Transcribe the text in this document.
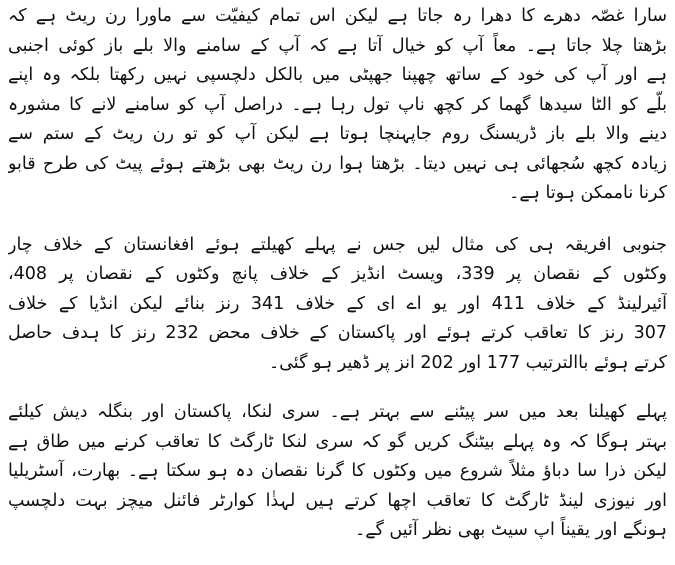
سارا غصّہ دھرے کا دھرا رہ جاتا ہے لیکن اس تمام کیفیّت سے ماورا رن ریٹ ہے کہ
بڑھتا چلا جاتا ہے۔ معاً آپ کو خیال آتا ہے کہ آپ کے سامنے والا بلے باز کوئی اجنبی
ہے اور آپ کی خود کے ساتھ چھپنا جھپٹی میں بالکل دلچسپی نہیں رکھتا بلکہ وہ اپنے
بلّے کو الٹا سیدھا گھما کر کچھ ناپ تول رہا ہے۔ دراصل آپ کو سامنے لانے کا مشورہ
دینے والا بلے باز ڈریسنگ روم جاپہنچا ہوتا ہے لیکن آپ کو تو رن ریٹ کے ستم سے
زیادہ کچھ سُجھائی ہی نہیں دیتا۔ بڑھتا ہوا رن ریٹ بھی بڑھتے ہوئے پیٹ کی طرح قابو
کرنا ناممکن ہوتا ہے۔
جنوبی افریقہ ہی کی مثال لیں جس نے پہلے کھیلتے ہوئے افغانستان کے خلاف چار
وکٹوں کے نقصان پر 339، ویسٹ انڈیز کے خلاف پانچ وکٹوں کے نقصان پر 408،
آئیرلینڈ کے خلاف 411 اور یو اے ای کے خلاف 341 رنز بنائے لیکن انڈیا کے خلاف
307 رنز کا تعاقب کرتے ہوئے اور پاکستان کے خلاف محض 232 رنز کا ہدف حاصل
کرتے ہوئے باالترتیب 177 اور 202 انز پر ڈھیر ہو گئی۔
پہلے کھیلنا بعد میں سر پیٹنے سے بہتر ہے۔ سری لنکا، پاکستان اور بنگلہ دیش کیلئے
بہتر ہوگا کہ وہ پہلے بیٹنگ کریں گو کہ سری لنکا ٹارگٹ کا تعاقب کرنے میں طاق ہے
لیکن ذرا سا دباؤ مثلاً شروع میں وکٹوں کا گرنا نقصان دہ ہو سکتا ہے۔ بھارت، آسٹریلیا
اور نیوزی لینڈ ٹارگٹ کا تعاقب اچھا کرتے ہیں لہذٰا کوارٹر فائنل میچز بہت دلچسپ
ہونگے اور یقیناً اپ سیٹ بھی نظر آئیں گے۔
